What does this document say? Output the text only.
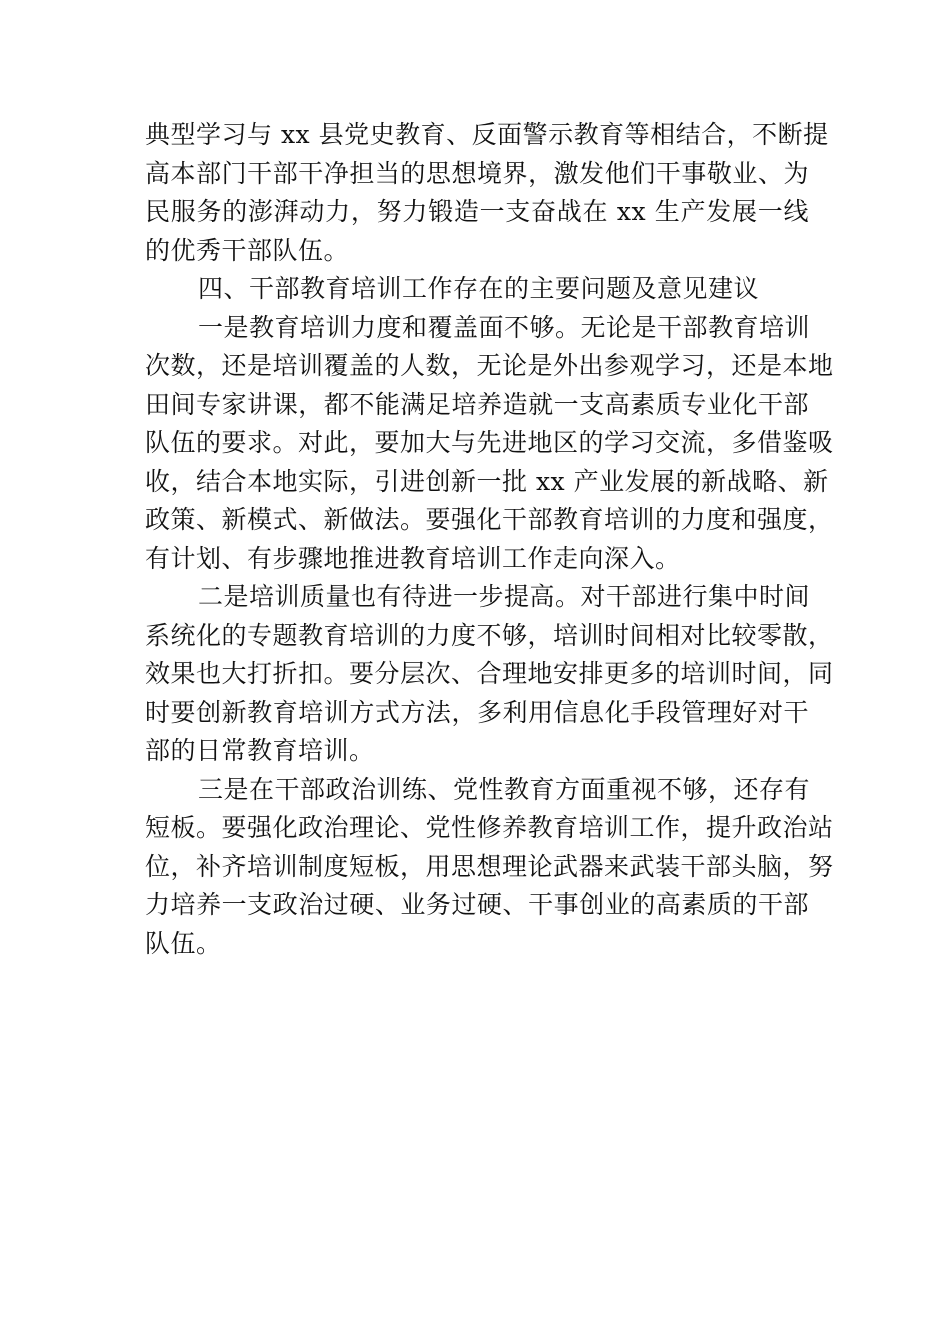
典型学习与 xx 县党史教育、反面警示教育等相结合，不断提
高本部门干部干净担当的思想境界，激发他们干事敬业、为
民服务的澎湃动力，努力锻造一支奋战在 xx 生产发展一线
的优秀干部队伍。
四、干部教育培训工作存在的主要问题及意见建议
一是教育培训力度和覆盖面不够。无论是干部教育培训
次数，还是培训覆盖的人数，无论是外出参观学习，还是本地
田间专家讲课，都不能满足培养造就一支高素质专业化干部
队伍的要求。对此，要加大与先进地区的学习交流，多借鉴吸
收，结合本地实际，引进创新一批 xx 产业发展的新战略、新
政策、新模式、新做法。要强化干部教育培训的力度和强度，
有计划、有步骤地推进教育培训工作走向深入。
二是培训质量也有待进一步提高。对干部进行集中时间
系统化的专题教育培训的力度不够，培训时间相对比较零散，
效果也大打折扣。要分层次、合理地安排更多的培训时间，同
时要创新教育培训方式方法，多利用信息化手段管理好对干
部的日常教育培训。
三是在干部政治训练、党性教育方面重视不够，还存有
短板。要强化政治理论、党性修养教育培训工作，提升政治站
位，补齐培训制度短板，用思想理论武器来武装干部头脑，努
力培养一支政治过硬、业务过硬、干事创业的高素质的干部
队伍。
